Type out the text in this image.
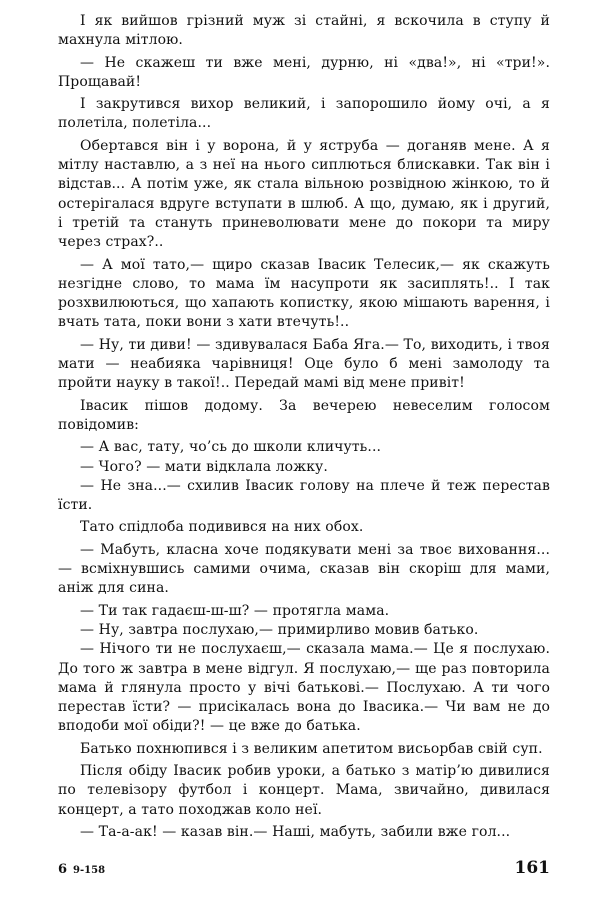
І як вийшов грізний муж зі стайні, я вскочила в ступу й махнула мітлою.

— Не скажеш ти вже мені, дурню, ні «два!», ні «три!». Прощавай!

І закрутився вихор великий, і запорошило йому очі, а я полетіла, полетіла...

Обертався він і у ворона, й у яструба — доганяв мене. А я мітлу наставлю, а з неї на нього сиплються блискавки. Так він і відстав... А потім уже, як стала вільною розвідною жінкою, то й остерігалася вдруге вступати в шлюб. А що, думаю, як і другий, і третій та стануть приневолювати мене до покори та миру через страх?..

— А мої тато,— щиро сказав Івасик Телесик,— як скажуть незгідне слово, то мама їм насупроти як засиплять!.. І так розхвилюються, що хапають копистку, якою мішають варення, і вчать тата, поки вони з хати втечуть!..

— Ну, ти диви! — здивувалася Баба Яга.— То, виходить, і твоя мати — неабияка чарівниця! Оце було б мені замолоду та пройти науку в такої!.. Передай мамі від мене привіт!

Івасик пішов додому. За вечерею невеселим голосом повідомив:

— А вас, тату, чо’сь до школи кличуть...

— Чого? — мати відклала ложку.

— Не зна...— схилив Івасик голову на плече й теж перестав їсти.

Тато спідлоба подивився на них обох.

— Мабуть, класна хоче подякувати мені за твоє виховання...— всміхнувшись самими очима, сказав він скоріш для мами, аніж для сина.

— Ти так гадаєш-ш-ш? — протягла мама.

— Ну, завтра послухаю,— примирливо мовив батько.

— Нічого ти не послухаєш,— сказала мама.— Це я послухаю. До того ж завтра в мене відгул. Я послухаю,— ще раз повторила мама й глянула просто у вічі батькові.— Послухаю. А ти чого перестав їсти? — присікалась вона до Івасика.— Чи вам не до вподоби мої обіди?! — це вже до батька.

Батько похнюпився і з великим апетитом висьорбав свій суп.

Після обіду Івасик робив уроки, а батько з матір’ю дивилися по телевізору футбол і концерт. Мама, звичайно, дивилася концерт, а тато походжав коло неї.

— Та-а-ак! — казав він.— Наші, мабуть, забили вже гол...

6 9-158	161
